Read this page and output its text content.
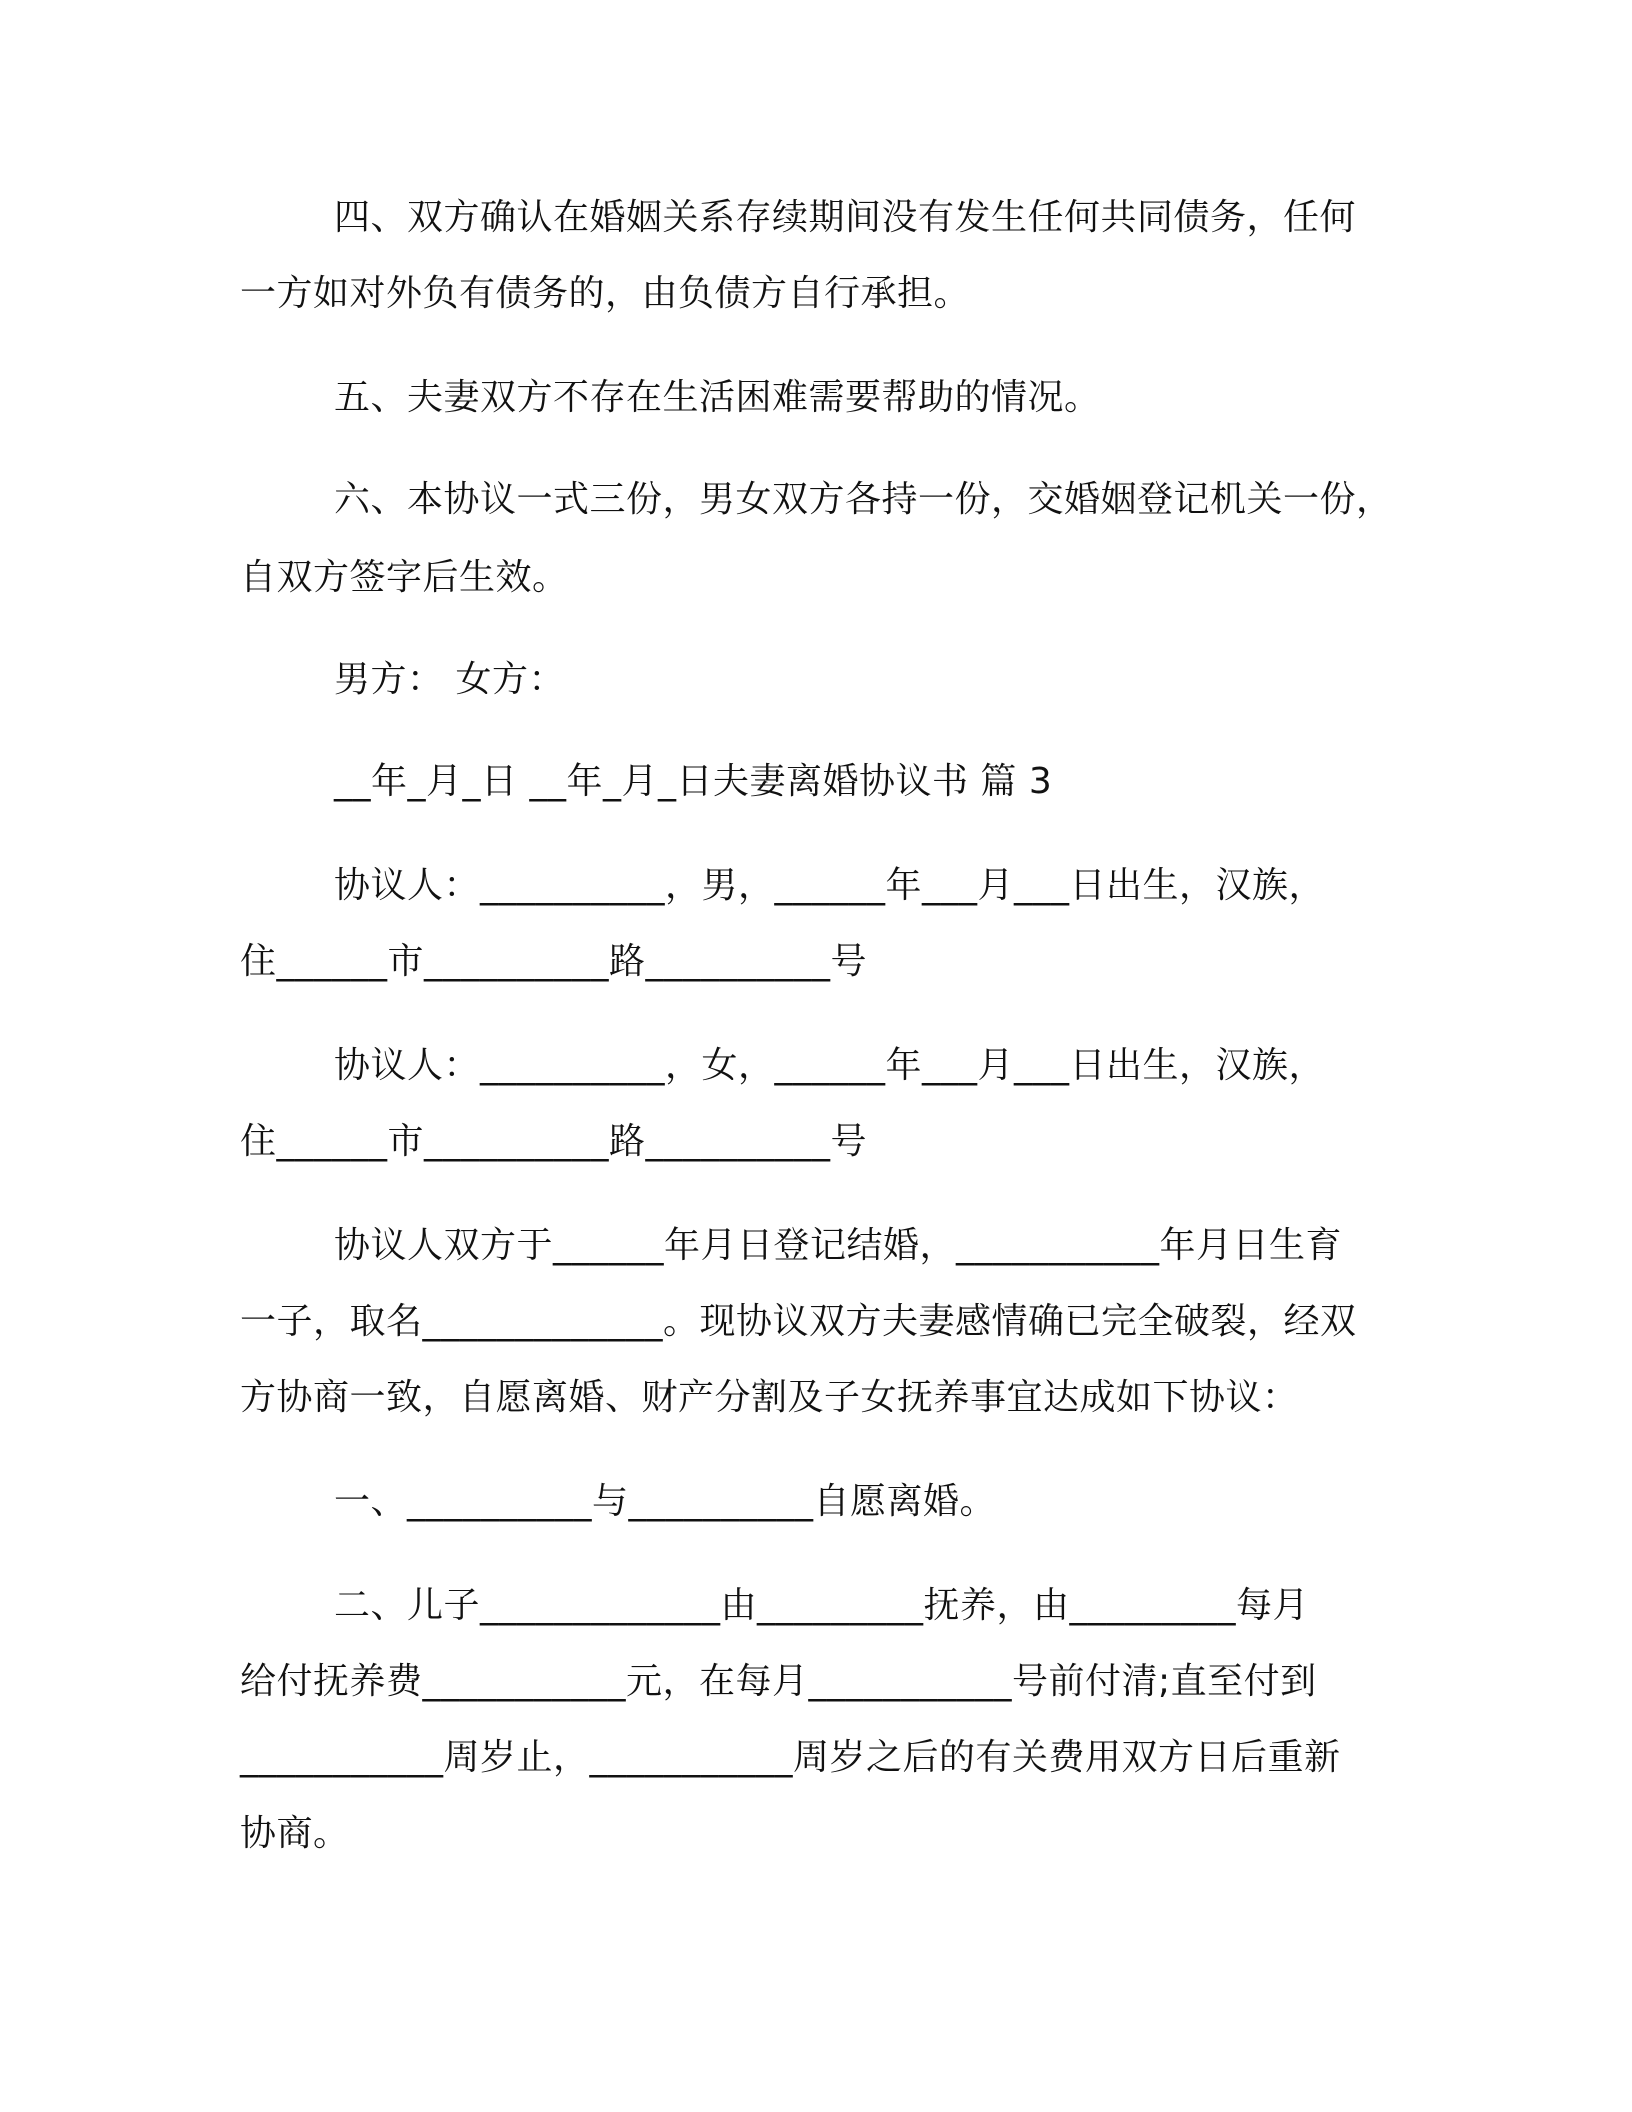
四、双方确认在婚姻关系存续期间没有发生任何共同债务，任何
一方如对外负有债务的，由负债方自行承担。
五、夫妻双方不存在生活困难需要帮助的情况。
六、本协议一式三份，男女双方各持一份，交婚姻登记机关一份，
自双方签字后生效。
男方： 女方：
__年_月_日 __年_月_日夫妻离婚协议书 篇 3
协议人：__________，男，______年___月___日出生，汉族，
住______市__________路__________号
协议人：__________，女，______年___月___日出生，汉族，
住______市__________路__________号
协议人双方于______年月日登记结婚，___________年月日生育
一子，取名_____________。现协议双方夫妻感情确已完全破裂，经双
方协商一致，自愿离婚、财产分割及子女抚养事宜达成如下协议：
一、__________与__________自愿离婚。
二、儿子_____________由_________抚养，由_________每月
给付抚养费___________元，在每月___________号前付清;直至付到
___________周岁止，___________周岁之后的有关费用双方日后重新
协商。
